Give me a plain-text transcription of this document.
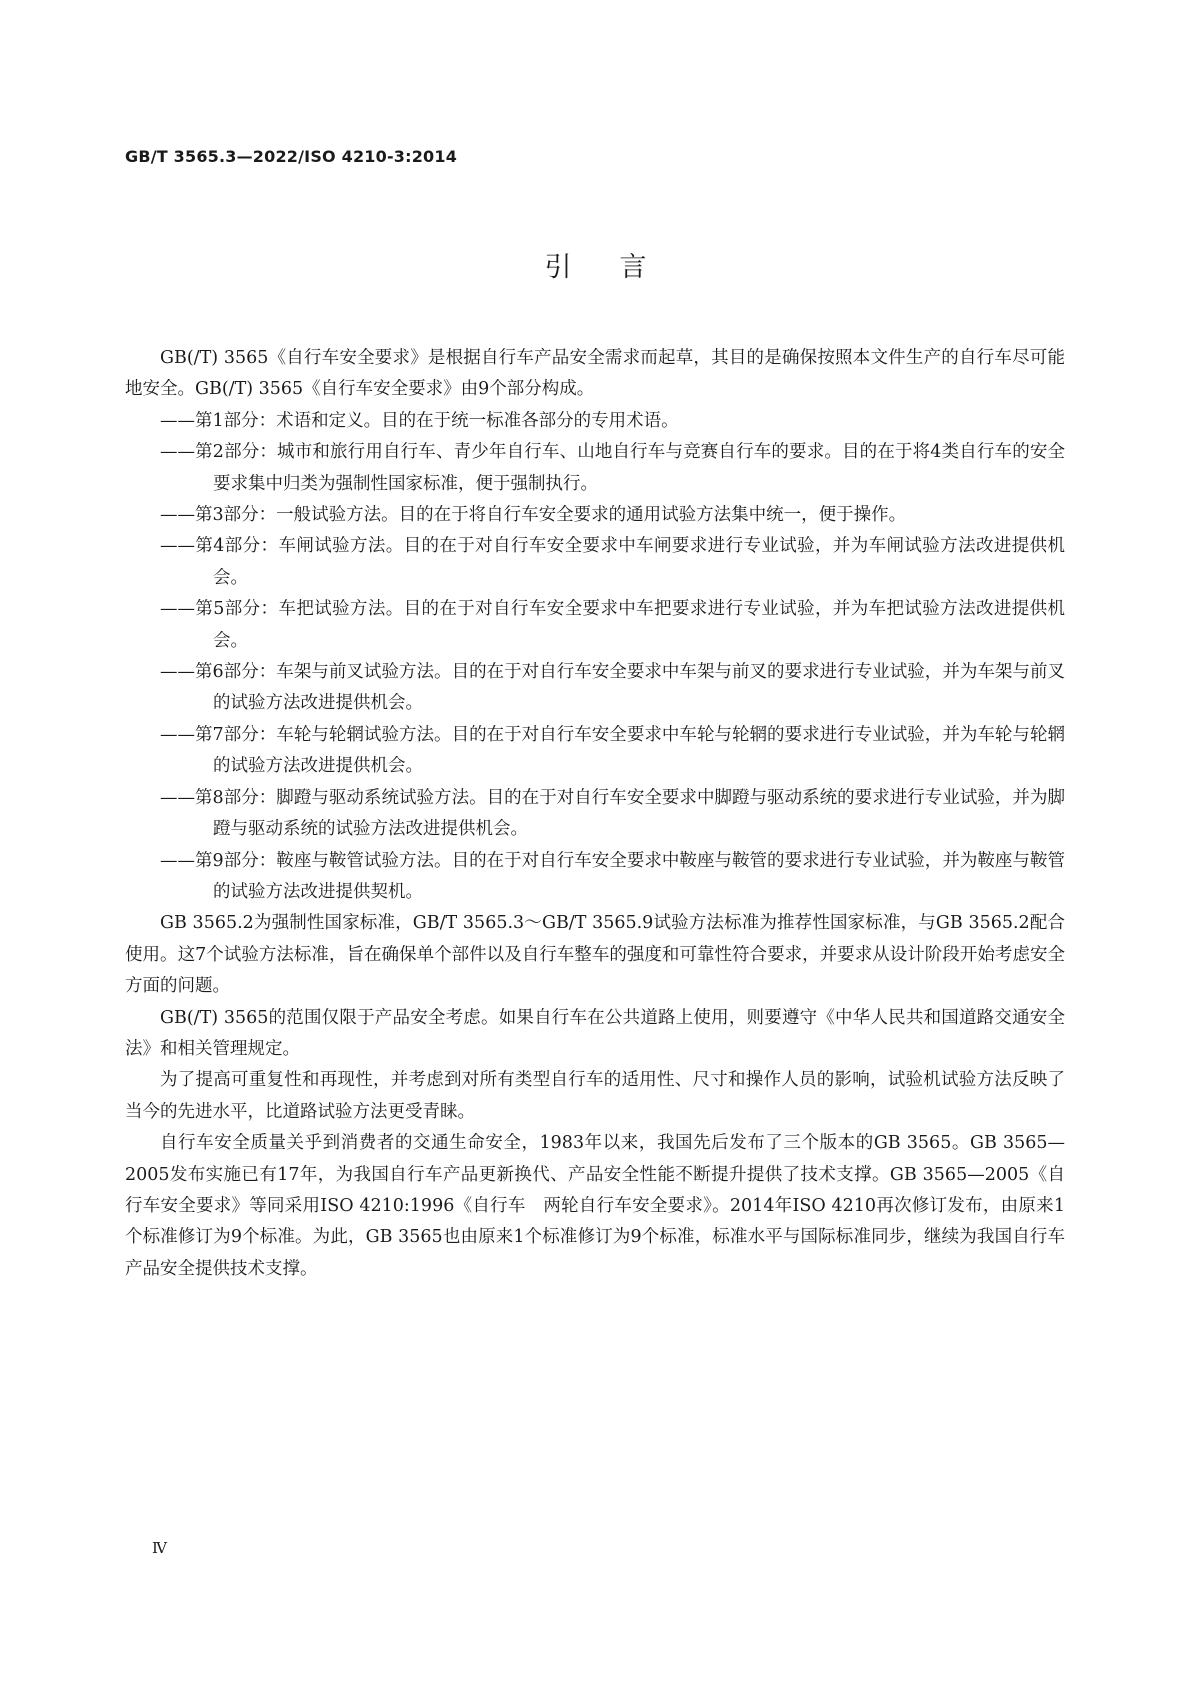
GB/T 3565.3—2022/ISO 4210-3:2014
引言

GB(/T) 3565《自行车安全要求》是根据自行车产品安全需求而起草，其目的是确保按照本文件生产的自行车尽可能地安全。GB(/T) 3565《自行车安全要求》由9个部分构成。

——第1部分：术语和定义。目的在于统一标准各部分的专用术语。
——第2部分：城市和旅行用自行车、青少年自行车、山地自行车与竞赛自行车的要求。目的在于将4类自行车的安全要求集中归类为强制性国家标准，便于强制执行。
——第3部分：一般试验方法。目的在于将自行车安全要求的通用试验方法集中统一，便于操作。
——第4部分：车闸试验方法。目的在于对自行车安全要求中车闸要求进行专业试验，并为车闸试验方法改进提供机会。
——第5部分：车把试验方法。目的在于对自行车安全要求中车把要求进行专业试验，并为车把试验方法改进提供机会。
——第6部分：车架与前叉试验方法。目的在于对自行车安全要求中车架与前叉的要求进行专业试验，并为车架与前叉的试验方法改进提供机会。
——第7部分：车轮与轮辋试验方法。目的在于对自行车安全要求中车轮与轮辋的要求进行专业试验，并为车轮与轮辋的试验方法改进提供机会。
——第8部分：脚蹬与驱动系统试验方法。目的在于对自行车安全要求中脚蹬与驱动系统的要求进行专业试验，并为脚蹬与驱动系统的试验方法改进提供机会。
——第9部分：鞍座与鞍管试验方法。目的在于对自行车安全要求中鞍座与鞍管的要求进行专业试验，并为鞍座与鞍管的试验方法改进提供契机。

GB 3565.2为强制性国家标准，GB/T 3565.3～GB/T 3565.9试验方法标准为推荐性国家标准，与GB 3565.2配合使用。这7个试验方法标准，旨在确保单个部件以及自行车整车的强度和可靠性符合要求，并要求从设计阶段开始考虑安全方面的问题。

GB(/T) 3565的范围仅限于产品安全考虑。如果自行车在公共道路上使用，则要遵守《中华人民共和国道路交通安全法》和相关管理规定。

为了提高可重复性和再现性，并考虑到对所有类型自行车的适用性、尺寸和操作人员的影响，试验机试验方法反映了当今的先进水平，比道路试验方法更受青睐。

自行车安全质量关乎到消费者的交通生命安全，1983年以来，我国先后发布了三个版本的GB 3565。GB 3565—2005发布实施已有17年，为我国自行车产品更新换代、产品安全性能不断提升提供了技术支撑。GB 3565—2005《自行车安全要求》等同采用ISO 4210:1996《自行车　两轮自行车安全要求》。2014年ISO 4210再次修订发布，由原来1个标准修订为9个标准。为此，GB 3565也由原来1个标准修订为9个标准，标准水平与国际标准同步，继续为我国自行车产品安全提供技术支撑。

Ⅳ
